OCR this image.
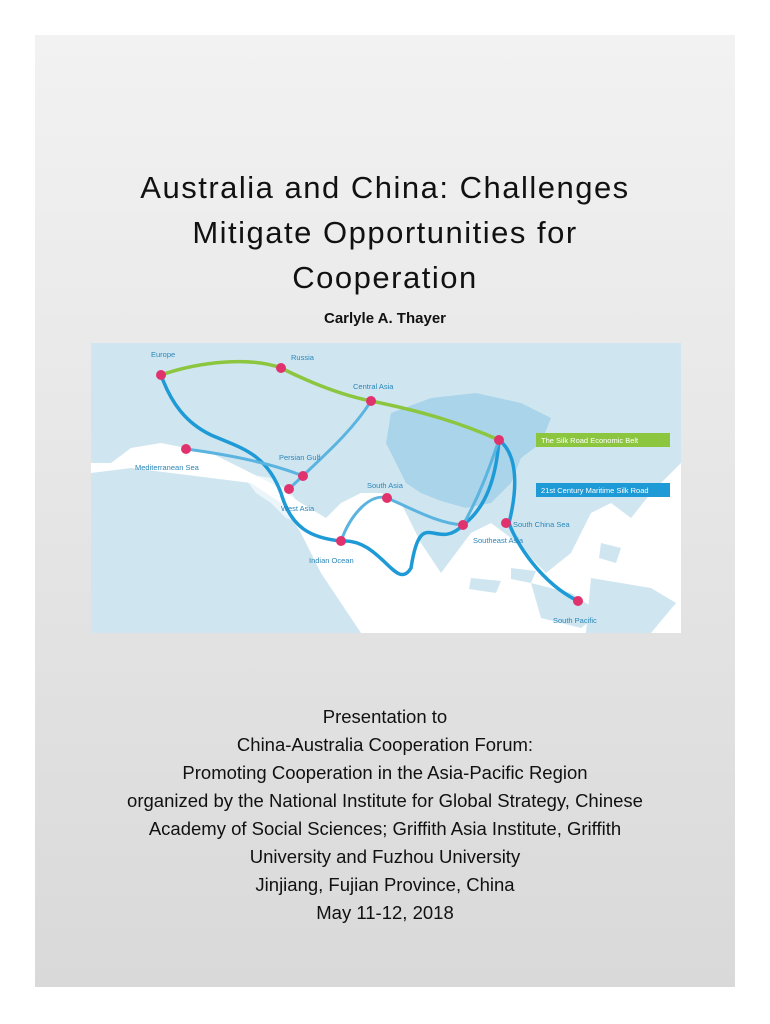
Australia and China: Challenges
Mitigate Opportunities for
Cooperation
Carlyle A. Thayer
Europe	Russia
Central Asia
Mediterranean Sea
Persian Gulf
West Asia
South Asia
Southeast Asia
South China Sea
Indian Ocean
South Pacific
The Silk Road Economic Belt
21st Century Maritime Silk Road
Presentation to
China-Australia Cooperation Forum:
Promoting Cooperation in the Asia-Pacific Region
organized by the National Institute for Global Strategy, Chinese
Academy of Social Sciences; Griffith Asia Institute, Griffith
University and Fuzhou University
Jinjiang, Fujian Province, China
May 11-12, 2018
